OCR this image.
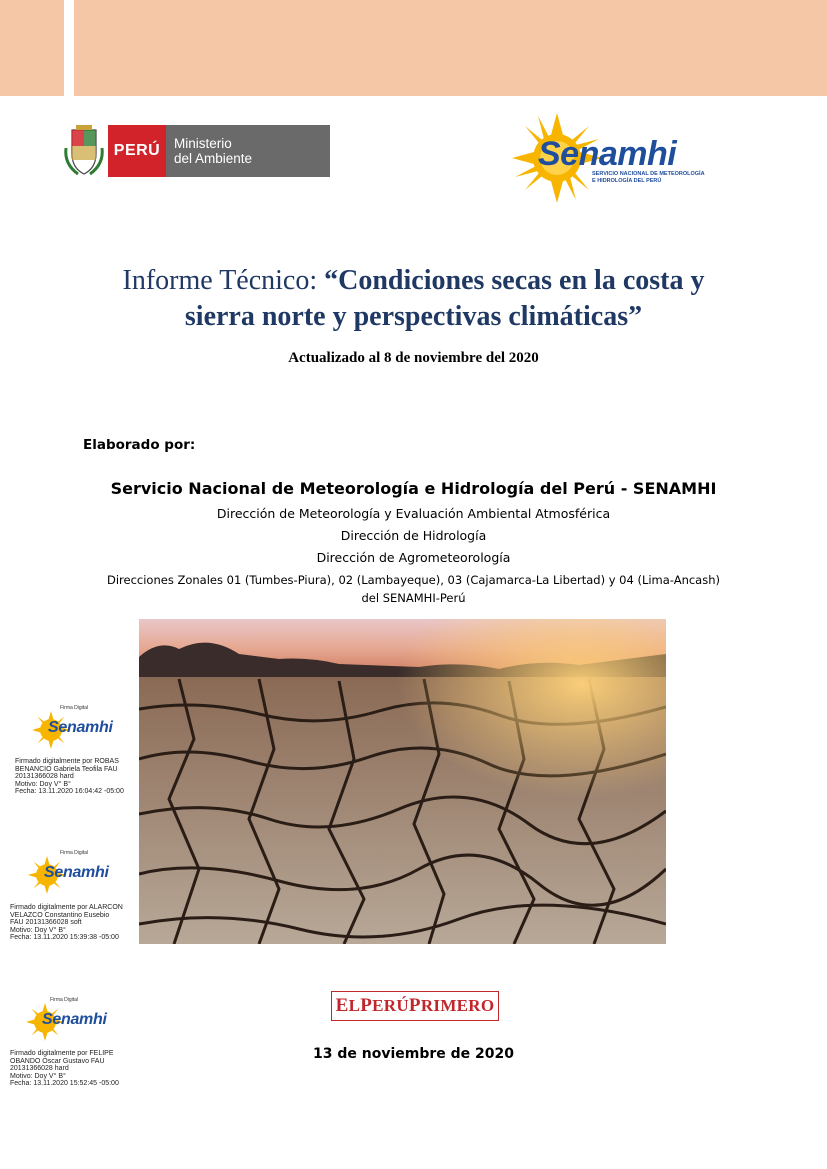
PERÚ	Ministerio
del Ambiente	Senamhi
SERVICIO NACIONAL DE METEOROLOGÍA
E HIDROLOGÍA DEL PERÚ
Informe Técnico: “Condiciones secas en la costa y
sierra norte y perspectivas climáticas”
Actualizado al 8 de noviembre del 2020
Elaborado por:
Servicio Nacional de Meteorología e Hidrología del Perú - SENAMHI
Dirección de Meteorología y Evaluación Ambiental Atmosférica
Dirección de Hidrología
Dirección de Agrometeorología
Direcciones Zonales 01 (Tumbes-Piura), 02 (Lambayeque), 03 (Cajamarca-La Libertad) y 04 (Lima-Ancash)
del SENAMHI-Perú
Firma Digital
Senamhi
Firmado digitalmente por ROBAS
BENANCIO Gabriela Teofila FAU
20131366028 hard
Motivo: Doy V° B°
Fecha: 13.11.2020 16:04:42 -05:00
Firma Digital
Senamhi
Firmado digitalmente por ALARCON
VELAZCO Constantino Eusebio
FAU 20131366028 soft
Motivo: Doy V° B°
Fecha: 13.11.2020 15:39:38 -05:00
Firma Digital
Senamhi
Firmado digitalmente por FELIPE
OBANDO Oscar Gustavo FAU
20131366028 hard
Motivo: Doy V° B°
Fecha: 13.11.2020 15:52:45 -05:00
E L P ERÚ P RIMERO
13 de noviembre de 2020
